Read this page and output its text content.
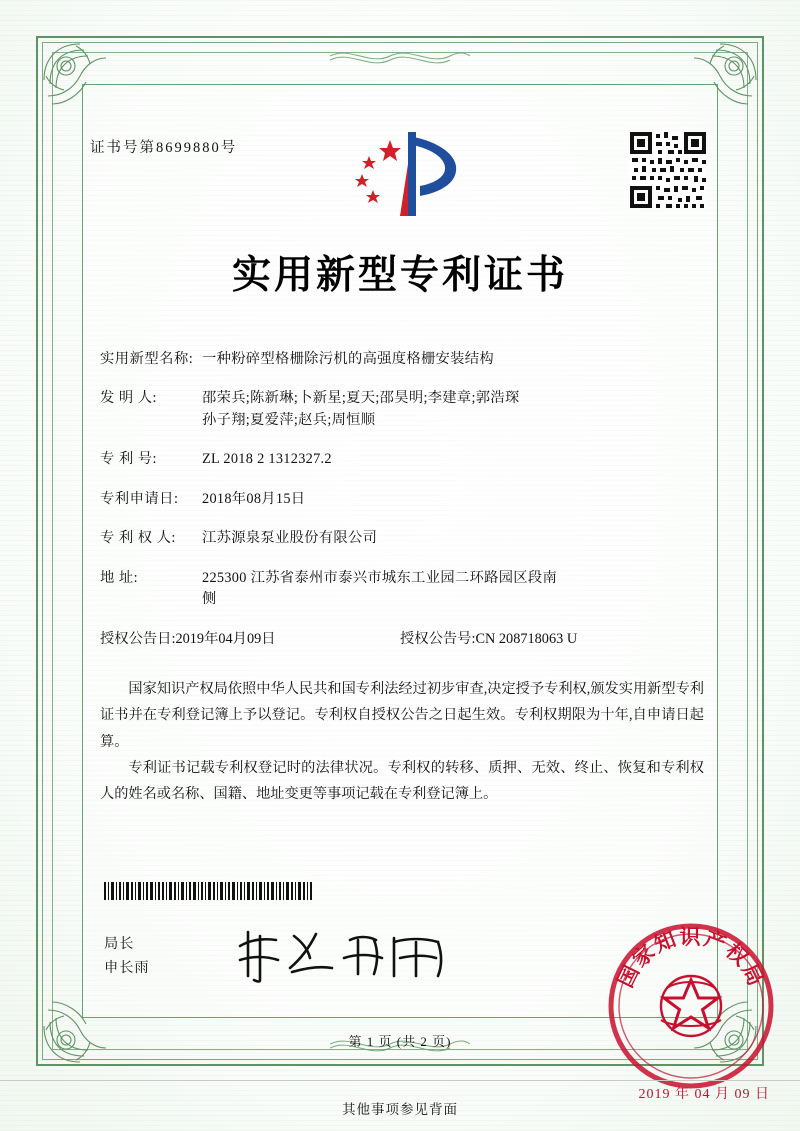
证书号第8699880号
实用新型专利证书
实用新型名称: 一种粉碎型格栅除污机的高强度格栅安装结构
发 明 人:	邵荣兵;陈新琳;卜新星;夏天;邵昊明;李建章;郭浩琛
孙子翔;夏爱萍;赵兵;周恒顺
专 利 号:	ZL 2018 2 1312327.2
专利申请日:	2018年08月15日
专 利 权 人:	江苏源泉泵业股份有限公司
地 址:	225300 江苏省泰州市泰兴市城东工业园二环路园区段南
侧
授权公告日: 2019年04月09日	授权公告号: CN 208718063 U

国家知识产权局依照中华人民共和国专利法经过初步审查,决定授予专利权,颁发实用新型专利证书并在专利登记簿上予以登记。专利权自授权公告之日起生效。专利权期限为十年,自申请日起算。

专利证书记载专利权登记时的法律状况。专利权的转移、质押、无效、终止、恢复和专利权人的姓名或名称、国籍、地址变更等事项记载在专利登记簿上。

局长
申长雨
第 1 页 (共 2 页)
国家知识产权局
2019 年 04 月 09 日
其他事项参见背面
